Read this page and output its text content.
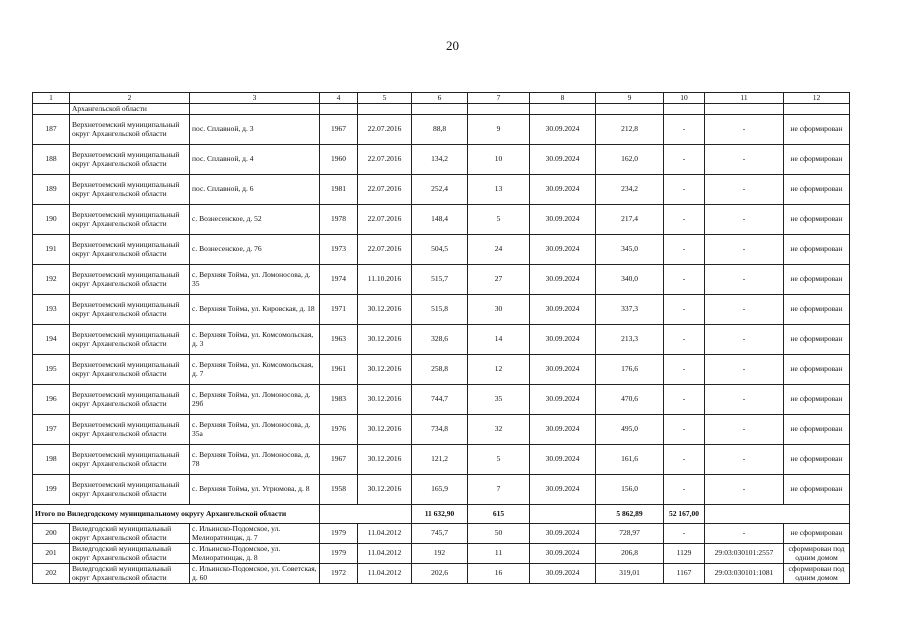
20
1	2	3	4	5	6	7	8	9	10	11	12
	Архангельской области										
187	Верхнетоемский муниципальный округ Архангельской области	пос. Сплавной, д. 3	1967	22.07.2016	88,8	9	30.09.2024	212,8	-	-	не сформирован
188	Верхнетоемский муниципальный округ Архангельской области	пос. Сплавной, д. 4	1960	22.07.2016	134,2	10	30.09.2024	162,0	-	-	не сформирован
189	Верхнетоемский муниципальный округ Архангельской области	пос. Сплавной, д. 6	1981	22.07.2016	252,4	13	30.09.2024	234,2	-	-	не сформирован
190	Верхнетоемский муниципальный округ Архангельской области	с. Вознесенское, д. 52	1978	22.07.2016	148,4	5	30.09.2024	217,4	-	-	не сформирован
191	Верхнетоемский муниципальный округ Архангельской области	с. Вознесенское, д. 76	1973	22.07.2016	504,5	24	30.09.2024	345,0	-	-	не сформирован
192	Верхнетоемский муниципальный округ Архангельской области	с. Верхняя Тойма, ул. Ломоносова, д. 35	1974	11.10.2016	515,7	27	30.09.2024	340,0	-	-	не сформирован
193	Верхнетоемский муниципальный округ Архангельской области	с. Верхняя Тойма, ул. Кировская, д. 18	1971	30.12.2016	515,8	30	30.09.2024	337,3	-	-	не сформирован
194	Верхнетоемский муниципальный округ Архангельской области	с. Верхняя Тойма, ул. Комсомольская, д. 3	1963	30.12.2016	328,6	14	30.09.2024	213,3	-	-	не сформирован
195	Верхнетоемский муниципальный округ Архангельской области	с. Верхняя Тойма, ул. Комсомольская, д. 7	1961	30.12.2016	258,8	12	30.09.2024	176,6	-	-	не сформирован
196	Верхнетоемский муниципальный округ Архангельской области	с. Верхняя Тойма, ул. Ломоносова, д. 29б	1983	30.12.2016	744,7	35	30.09.2024	470,6	-	-	не сформирован
197	Верхнетоемский муниципальный округ Архангельской области	с. Верхняя Тойма, ул. Ломоносова, д. 35а	1976	30.12.2016	734,8	32	30.09.2024	495,0	-	-	не сформирован
198	Верхнетоемский муниципальный округ Архангельской области	с. Верхняя Тойма, ул. Ломоносова, д. 78	1967	30.12.2016	121,2	5	30.09.2024	161,6	-	-	не сформирован
199	Верхнетоемский муниципальный округ Архангельской области	с. Верхняя Тойма, ул. Угрюмова, д. 8	1958	30.12.2016	165,9	7	30.09.2024	156,0	-	-	не сформирован
Итого по Виледгодскому муниципальному округу Архангельской области					11 632,90	615		5 862,89	52 167,00		
200	Виледгодский муниципальный округ Архангельской области	с. Ильинско-Подомское, ул. Мелиоратинцак, д. 7	1979	11.04.2012	745,7	50	30.09.2024	728,97	-	-	не сформирован
201	Виледгодский муниципальный округ Архангельской области	с. Ильинско-Подомское, ул. Мелиоратинцак, д. 8	1979	11.04.2012	192	11	30.09.2024	206,8	1129	29:03:030101:2557	сформирован под одним домом
202	Виледгодский муниципальный округ Архангельской области	с. Ильинско-Подомское, ул. Советская, д. 60	1972	11.04.2012	202,6	16	30.09.2024	319,01	1167	29:03:030101:1081	сформирован под одним домом
